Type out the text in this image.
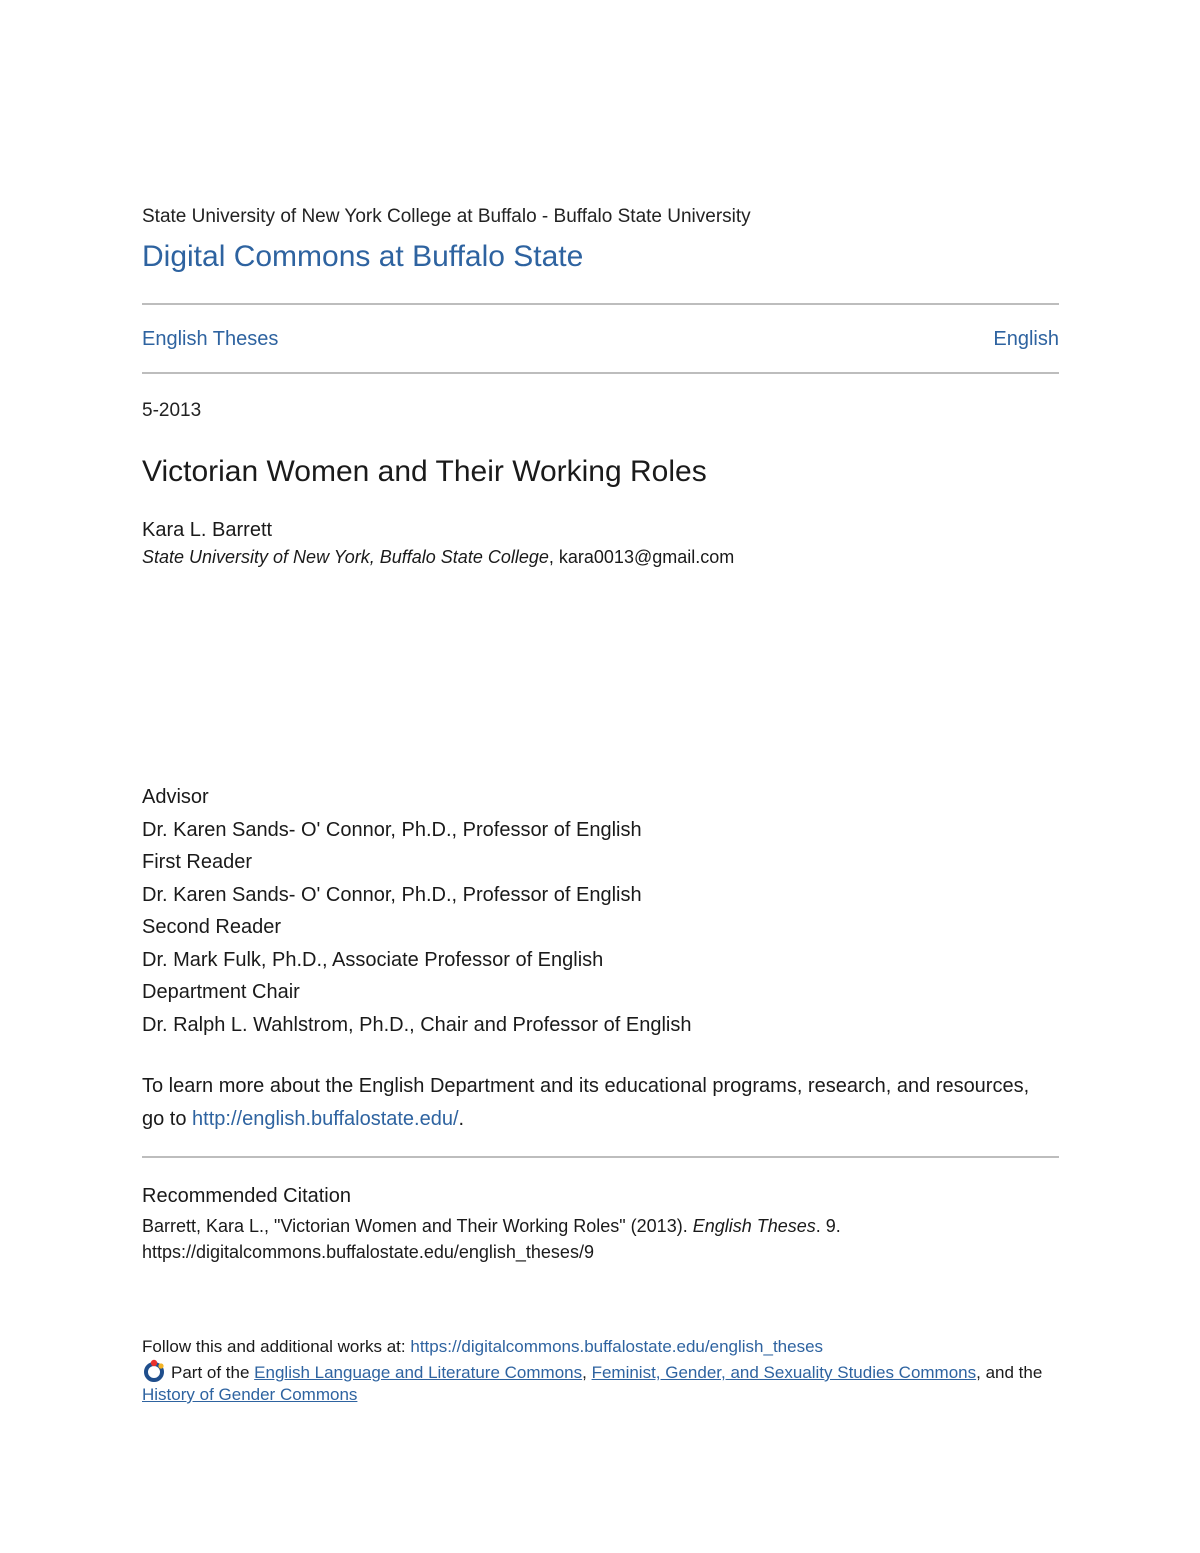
State University of New York College at Buffalo - Buffalo State University
Digital Commons at Buffalo State
English Theses	English
5-2013
Victorian Women and Their Working Roles
Kara L. Barrett
State University of New York, Buffalo State College, kara0013@gmail.com
Advisor
Dr. Karen Sands- O' Connor, Ph.D., Professor of English
First Reader
Dr. Karen Sands- O' Connor, Ph.D., Professor of English
Second Reader
Dr. Mark Fulk, Ph.D., Associate Professor of English
Department Chair
Dr. Ralph L. Wahlstrom, Ph.D., Chair and Professor of English
To learn more about the English Department and its educational programs, research, and resources, go to http://english.buffalostate.edu/.
Recommended Citation
Barrett, Kara L., "Victorian Women and Their Working Roles" (2013). English Theses. 9.
https://digitalcommons.buffalostate.edu/english_theses/9
Follow this and additional works at: https://digitalcommons.buffalostate.edu/english_theses
Part of the English Language and Literature Commons, Feminist, Gender, and Sexuality Studies Commons, and the History of Gender Commons
